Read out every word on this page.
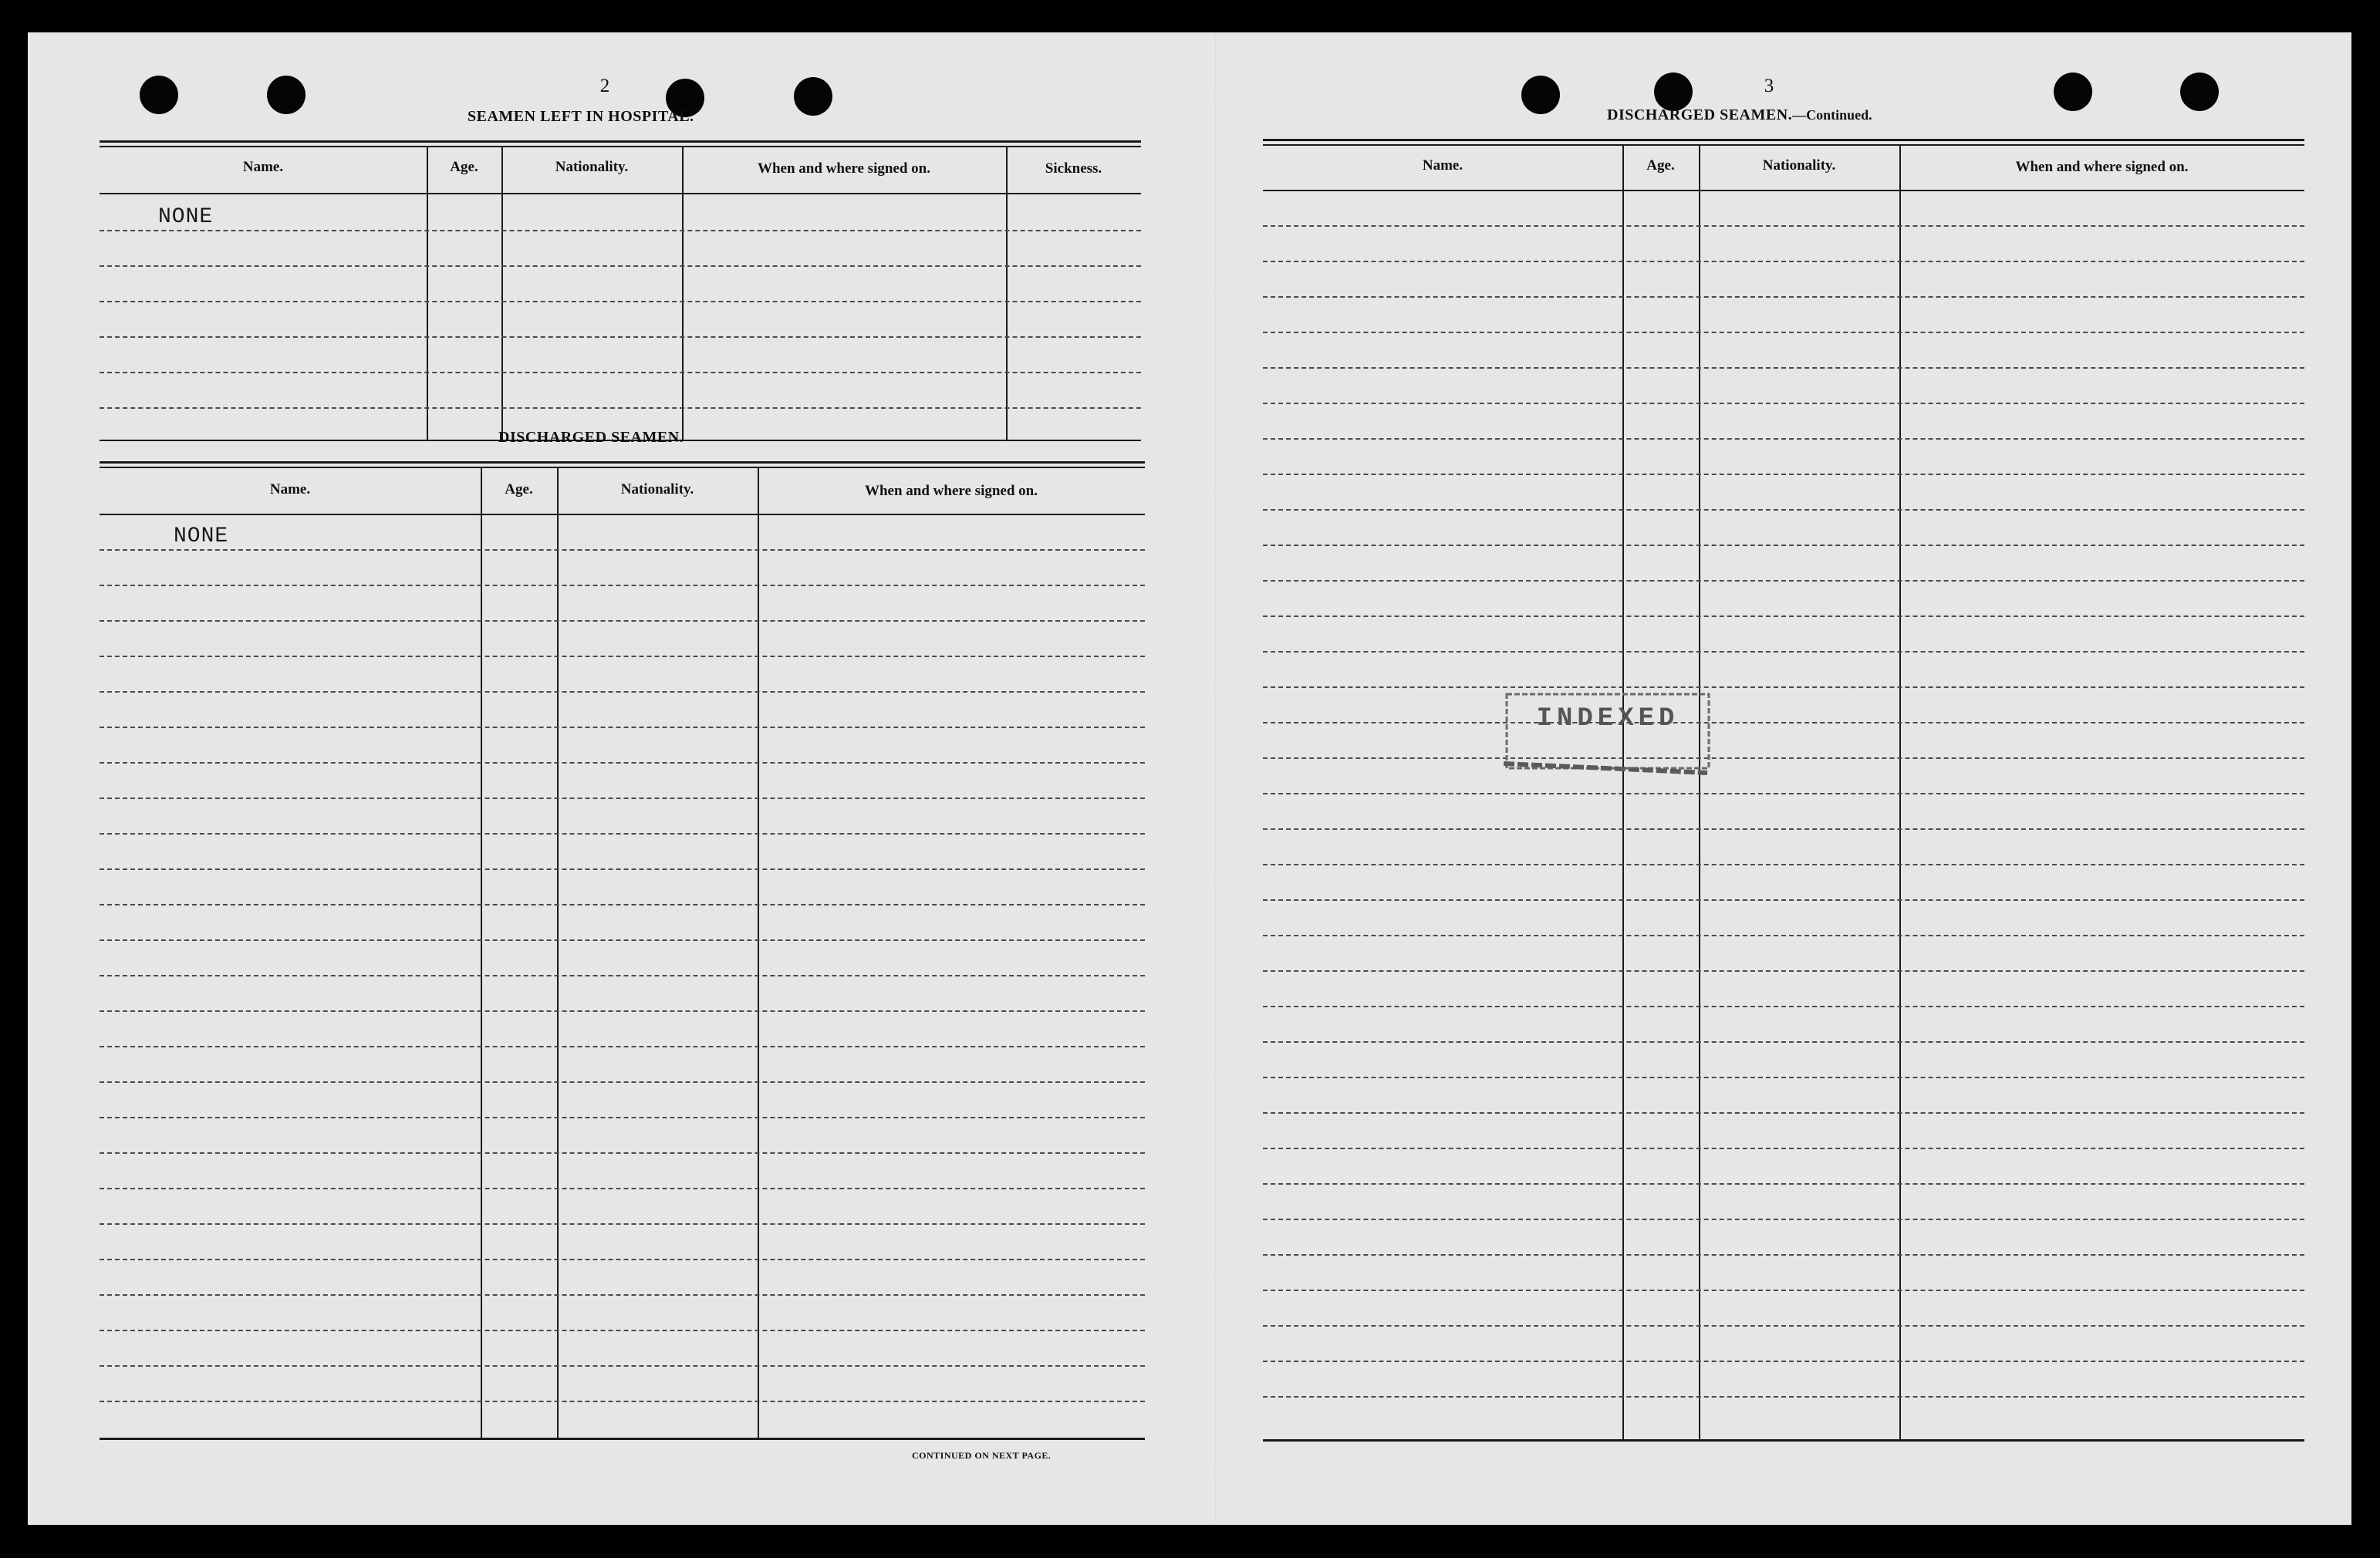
2
SEAMEN LEFT IN HOSPITAL.
Name.	Age.	Nationality.	When and where signed on.	Sickness.
NONE
DISCHARGED SEAMEN.
Name.	Age.	Nationality.	When and where signed on.
NONE
CONTINUED ON NEXT PAGE.
3
DISCHARGED SEAMEN.—Continued.
Name.	Age.	Nationality.	When and where signed on.
INDEXED
